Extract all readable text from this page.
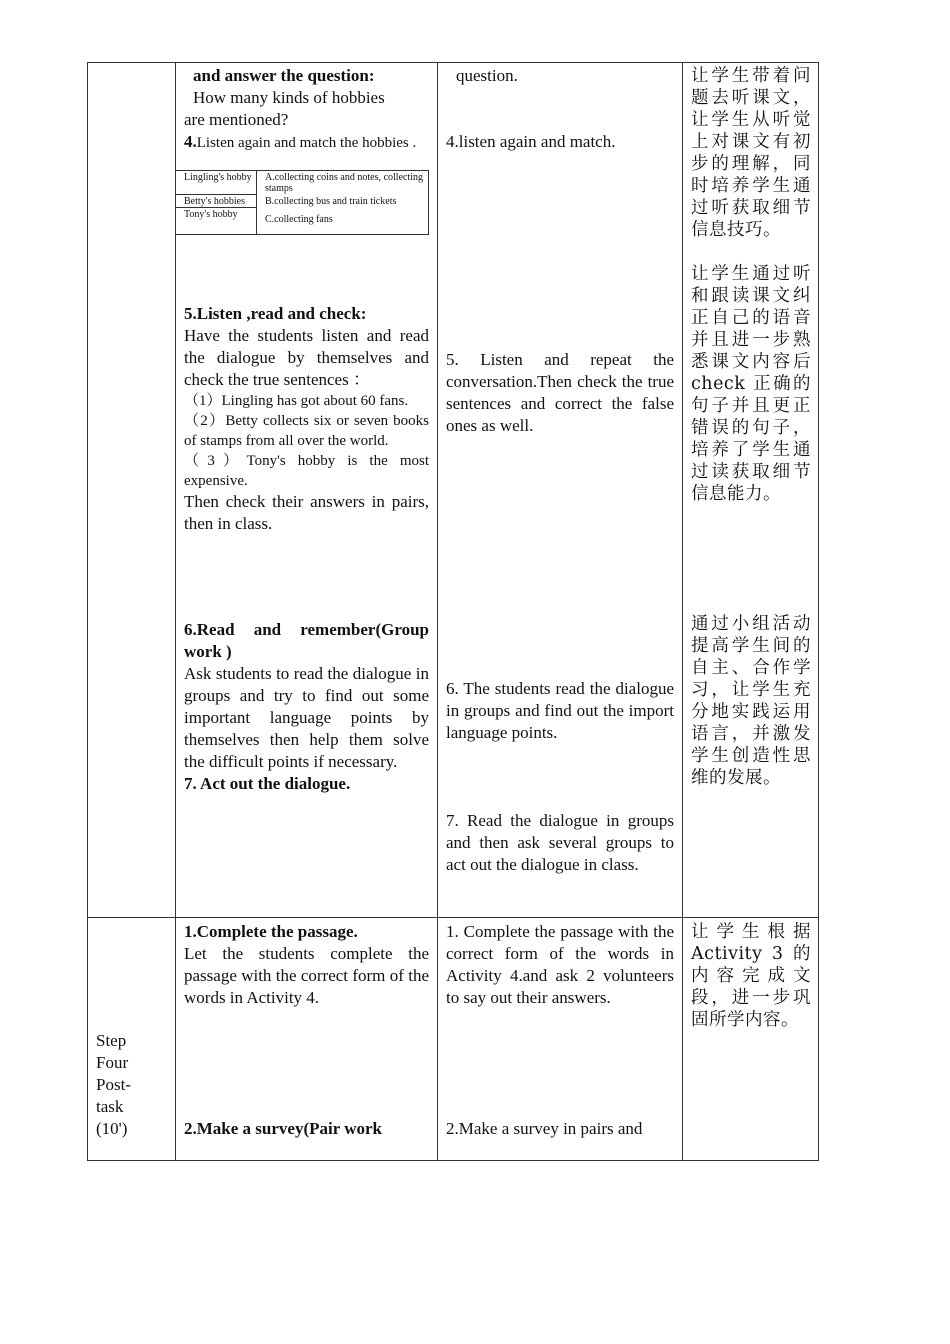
Step

Four

Post-

task

(10')

and answer the question:

How many kinds of hobbies

are mentioned?

4.Listen again and match the hobbies .

Lingling's hobby
Betty's hobbies
Tony's hobby
A.collecting coins and notes, collecting stamps
B.collecting bus and train tickets
C.collecting fans

5.Listen ,read and check:

Have the students listen and read the dialogue by themselves and check the true sentences ：

（1）Lingling has got about 60 fans.

（2）Betty collects six or seven books of stamps from all over the world.

（3）Tony's hobby is the most expensive.

Then check their answers in pairs, then in class.

6.Read and remember(Group work )

Ask students to read the dialogue in groups and try to find out some important language points by themselves then help them solve the difficult points if necessary.

7. Act out the dialogue.

1.Complete the passage.

Let the students complete the passage with the correct form of the words in Activity 4.

2.Make a survey(Pair work

question.
4.listen again and match.
5. Listen and repeat the conversation.Then check the true sentences and correct the false ones as well.
6. The students read the dialogue in groups and find out the import language points.
7. Read the dialogue in groups and then ask several groups to act out the dialogue in class.
1. Complete the passage with the correct form of the words in Activity 4.and ask 2 volunteers to say out their answers.
2.Make a survey in pairs and
让学生带着问题去听课文，让学生从听觉上对课文有初步的理解，同时培养学生通过听获取细节信息技巧。
让学生通过听和跟读课文纠正自己的语音并且进一步熟悉课文内容后 check 正确的句子并且更正错误的句子，培养了学生通过读获取细节信息能力。
通过小组活动提高学生间的自主、合作学习，让学生充分地实践运用语言，并激发学生创造性思维的发展。
让学生根据 Activity 3 的内容完成文段，进一步巩固所学内容。
